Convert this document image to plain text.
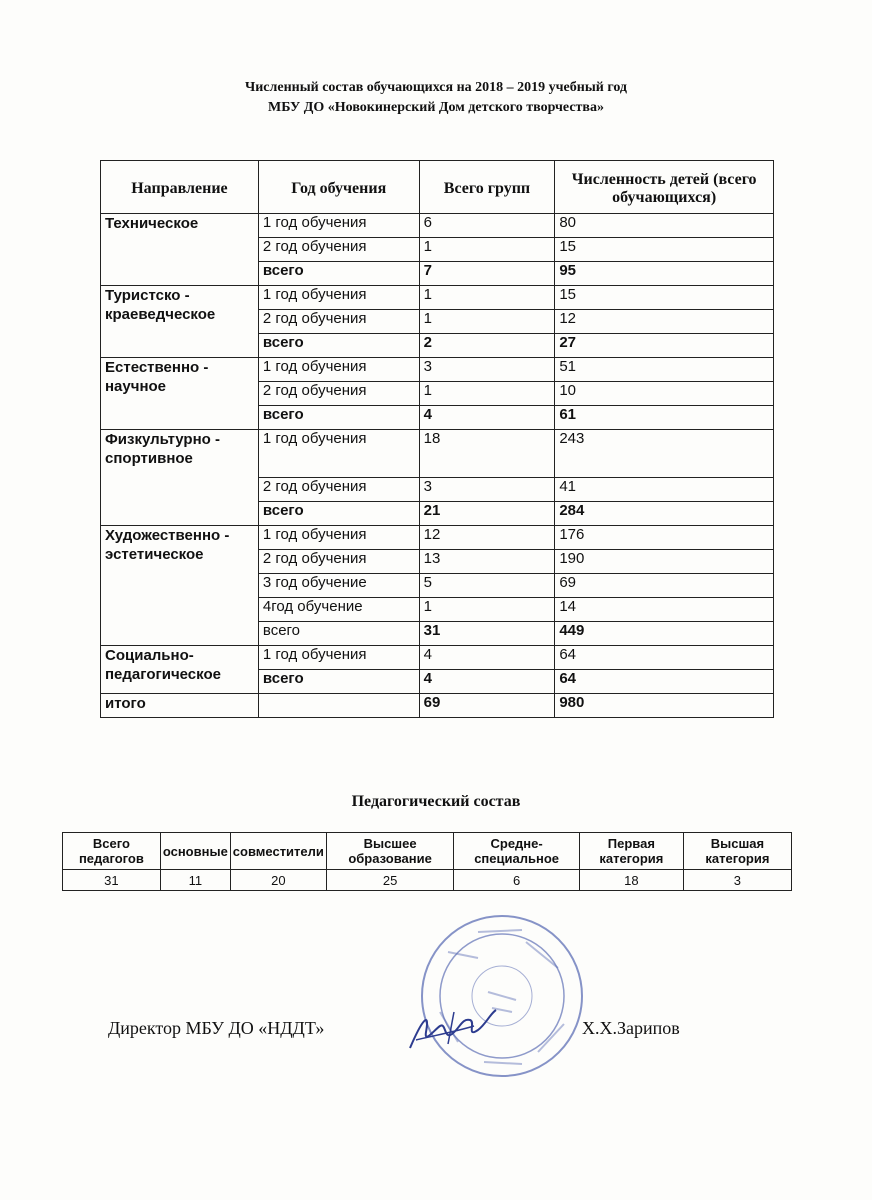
Численный состав обучающихся на 2018 – 2019 учебный год
МБУ ДО «Новокинерский Дом детского творчества»
Направление	Год обучения	Всего групп	Численность детей (всего обучающихся)
Техническое	1 год обучения	6	80
	2 год обучения	1	15
	всего	7	95
Туристско - краеведческое	1 год обучения	1	15
	2 год обучения	1	12
	всего	2	27
Естественно - научное	1 год обучения	3	51
	2 год обучения	1	10
	всего	4	61
Физкультурно - спортивное	1 год обучения	18	243
	2 год обучения	3	41
	всего	21	284
Художественно - эстетическое	1 год обучения	12	176
	2 год обучения	13	190
	3 год обучение	5	69
	4год обучение	1	14
	всего	31	449
Социально-педагогическое	1 год обучения	4	64
	всего	4	64
итого		69	980
Педагогический состав
Всего педагогов	основные	совместители	Высшее образование	Средне-специальное	Первая категория	Высшая категория
31	11	20	25	6	18	3
Директор МБУ ДО «НДДТ»	Х.Х.Зарипов
